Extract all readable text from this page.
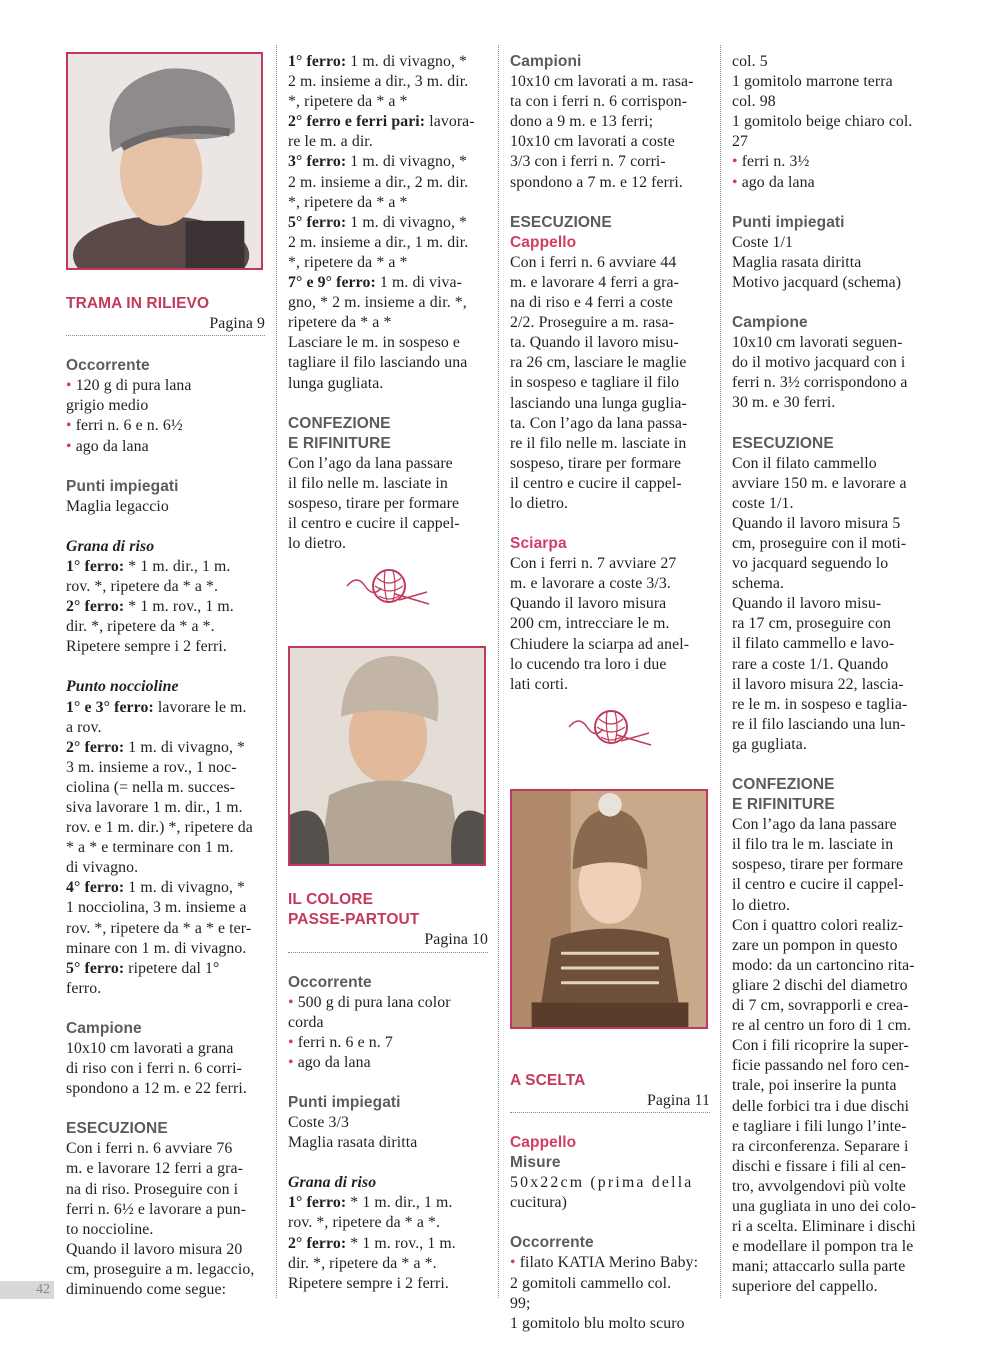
TRAMA IN RILIEVO

Pagina 9

Occorrente

• 120 g di pura lana

grigio medio

• ferri n. 6 e n. 6½

• ago da lana

Punti impiegati

Maglia legaccio

Grana di riso

1° ferro: * 1 m. dir., 1 m.

rov. *, ripetere da * a *.

2° ferro: * 1 m. rov., 1 m.

dir. *, ripetere da * a *.

Ripetere sempre i 2 ferri.

Punto noccioline

1° e 3° ferro: lavorare le m.

a rov.

2° ferro: 1 m. di vivagno, *

3 m. insieme a rov., 1 noc-

ciolina (= nella m. succes-

siva lavorare 1 m. dir., 1 m.

rov. e 1 m. dir.) *, ripetere da

* a * e terminare con 1 m.

di vivagno.

4° ferro: 1 m. di vivagno, *

1 nocciolina, 3 m. insieme a

rov. *, ripetere da * a * e ter-

minare con 1 m. di vivagno.

5° ferro: ripetere dal 1°

ferro.

Campione

10x10 cm lavorati a grana

di riso con i ferri n. 6 corri-

spondono a 12 m. e 22 ferri.

ESECUZIONE

Con i ferri n. 6 avviare 76

m. e lavorare 12 ferri a gra-

na di riso. Proseguire con i

ferri n. 6½ e lavorare a pun-

to noccioline.

Quando il lavoro misura 20

cm, proseguire a m. legaccio,

diminuendo come segue:

1° ferro: 1 m. di vivagno, *

2 m. insieme a dir., 3 m. dir.

*, ripetere da * a *

2° ferro e ferri pari: lavora-

re le m. a dir.

3° ferro: 1 m. di vivagno, *

2 m. insieme a dir., 2 m. dir.

*, ripetere da * a *

5° ferro: 1 m. di vivagno, *

2 m. insieme a dir., 1 m. dir.

*, ripetere da * a *

7° e 9° ferro: 1 m. di viva-

gno, * 2 m. insieme a dir. *,

ripetere da * a *

Lasciare le m. in sospeso e

tagliare il filo lasciando una

lunga gugliata.

CONFEZIONE

E RIFINITURE

Con l’ago da lana passare

il filo nelle m. lasciate in

sospeso, tirare per formare

il centro e cucire il cappel-

lo dietro.

IL COLORE

PASSE-PARTOUT

Pagina 10

Occorrente

• 500 g di pura lana color

corda

• ferri n. 6 e n. 7

• ago da lana

Punti impiegati

Coste 3/3

Maglia rasata diritta

Grana di riso

1° ferro: * 1 m. dir., 1 m.

rov. *, ripetere da * a *.

2° ferro: * 1 m. rov., 1 m.

dir. *, ripetere da * a *.

Ripetere sempre i 2 ferri.

Campioni

10x10 cm lavorati a m. rasa-

ta con i ferri n. 6 corrispon-

dono a 9 m. e 13 ferri;

10x10 cm lavorati a coste

3/3 con i ferri n. 7 corri-

spondono a 7 m. e 12 ferri.

ESECUZIONE

Cappello

Con i ferri n. 6 avviare 44

m. e lavorare 4 ferri a gra-

na di riso e 4 ferri a coste

2/2. Proseguire a m. rasa-

ta. Quando il lavoro misu-

ra 26 cm, lasciare le maglie

in sospeso e tagliare il filo

lasciando una lunga guglia-

ta. Con l’ago da lana passa-

re il filo nelle m. lasciate in

sospeso, tirare per formare

il centro e cucire il cappel-

lo dietro.

Sciarpa

Con i ferri n. 7 avviare 27

m. e lavorare a coste 3/3.

Quando il lavoro misura

200 cm, intrecciare le m.

Chiudere la sciarpa ad anel-

lo cucendo tra loro i due

lati corti.

A SCELTA

Pagina 11

Cappello

Misure

50x22cm (prima della

cucitura)

Occorrente

• filato KATIA Merino Baby:

2 gomitoli cammello col.

99;

1 gomitolo blu molto scuro

col. 5

1 gomitolo marrone terra

col. 98

1 gomitolo beige chiaro col.

27

• ferri n. 3½

• ago da lana

Punti impiegati

Coste 1/1

Maglia rasata diritta

Motivo jacquard (schema)

Campione

10x10 cm lavorati seguen-

do il motivo jacquard con i

ferri n. 3½ corrispondono a

30 m. e 30 ferri.

ESECUZIONE

Con il filato cammello

avviare 150 m. e lavorare a

coste 1/1.

Quando il lavoro misura 5

cm, proseguire con il moti-

vo jacquard seguendo lo

schema.

Quando il lavoro misu-

ra 17 cm, proseguire con

il filato cammello e lavo-

rare a coste 1/1. Quando

il lavoro misura 22, lascia-

re le m. in sospeso e taglia-

re il filo lasciando una lun-

ga gugliata.

CONFEZIONE

E RIFINITURE

Con l’ago da lana passare

il filo tra le m. lasciate in

sospeso, tirare per formare

il centro e cucire il cappel-

lo dietro.

Con i quattro colori realiz-

zare un pompon in questo

modo: da un cartoncino rita-

gliare 2 dischi del diametro

di 7 cm, sovrapporli e crea-

re al centro un foro di 1 cm.

Con i fili ricoprire la super-

ficie passando nel foro cen-

trale, poi inserire la punta

delle forbici tra i due dischi

e tagliare i fili lungo l’inte-

ra circonferenza. Separare i

dischi e fissare i fili al cen-

tro, avvolgendovi più volte

una gugliata in uno dei colo-

ri a scelta. Eliminare i dischi

e modellare il pompon tra le

mani; attaccarlo sulla parte

superiore del cappello.

42
